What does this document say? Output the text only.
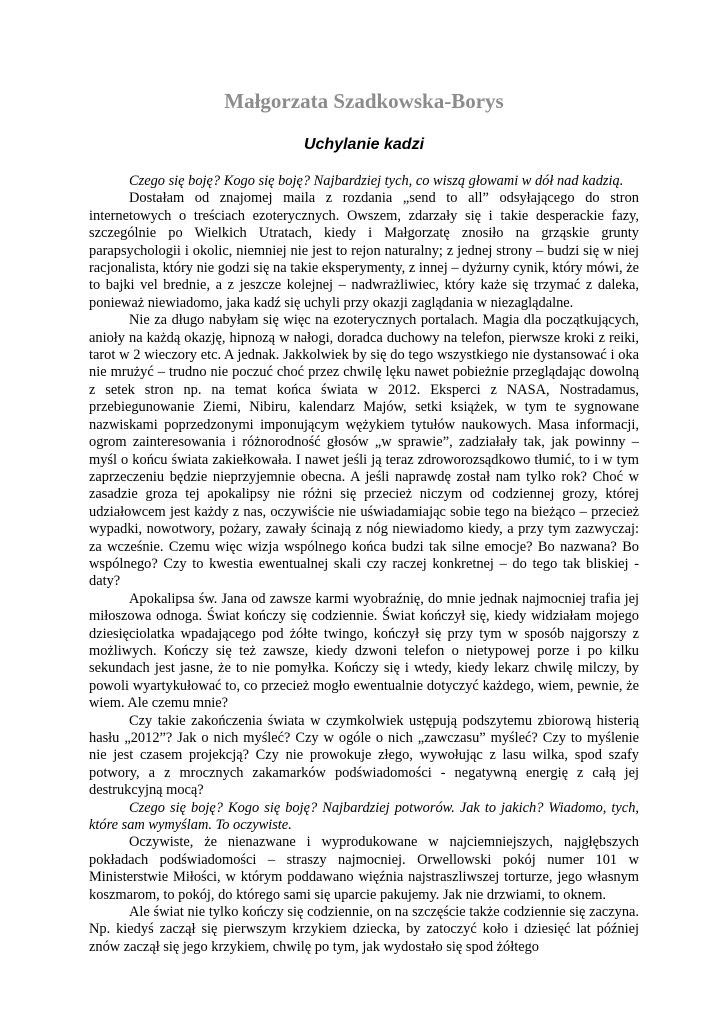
Małgorzata Szadkowska-Borys
Uchylanie kadzi

Czego się boję? Kogo się boję? Najbardziej tych, co wiszą głowami w dół nad kadzią.

Dostałam od znajomej maila z rozdania „send to all” odsyłającego do stron internetowych o treściach ezoterycznych. Owszem, zdarzały się i takie desperackie fazy, szczególnie po Wielkich Utratach, kiedy i Małgorzatę znosiło na grząskie grunty parapsychologii i okolic, niemniej nie jest to rejon naturalny; z jednej strony – budzi się w niej racjonalista, który nie godzi się na takie eksperymenty, z innej – dyżurny cynik, który mówi, że to bajki vel brednie, a z jeszcze kolejnej – nadwrażliwiec, który każe się trzymać z daleka, ponieważ niewiadomo, jaka kadź się uchyli przy okazji zaglądania w niezaglądalne.

Nie za długo nabyłam się więc na ezoterycznych portalach. Magia dla początkujących, anioły na każdą okazję, hipnozą w nałogi, doradca duchowy na telefon, pierwsze kroki z reiki, tarot w 2 wieczory etc. A jednak. Jakkolwiek by się do tego wszystkiego nie dystansować i oka nie mrużyć – trudno nie poczuć choć przez chwilę lęku nawet pobieżnie przeglądając dowolną z setek stron np. na temat końca świata w 2012. Eksperci z NASA, Nostradamus, przebiegunowanie Ziemi, Nibiru, kalendarz Majów, setki książek, w tym te sygnowane nazwiskami poprzedzonymi imponującym wężykiem tytułów naukowych. Masa informacji, ogrom zainteresowania i różnorodność głosów „w sprawie”, zadziałały tak, jak powinny – myśl o końcu świata zakiełkowała. I nawet jeśli ją teraz zdroworozsądkowo tłumić, to i w tym zaprzeczeniu będzie nieprzyjemnie obecna. A jeśli naprawdę został nam tylko rok? Choć w zasadzie groza tej apokalipsy nie różni się przecież niczym od codziennej grozy, której udziałowcem jest każdy z nas, oczywiście nie uświadamiając sobie tego na bieżąco – przecież wypadki, nowotwory, pożary, zawały ścinają z nóg niewiadomo kiedy, a przy tym zazwyczaj: za wcześnie. Czemu więc wizja wspólnego końca budzi tak silne emocje? Bo nazwana? Bo wspólnego? Czy to kwestia ewentualnej skali czy raczej konkretnej – do tego tak bliskiej - daty?

Apokalipsa św. Jana od zawsze karmi wyobraźnię, do mnie jednak najmocniej trafia jej miłoszowa odnoga. Świat kończy się codziennie. Świat kończył się, kiedy widziałam mojego dziesięciolatka wpadającego pod żółte twingo, kończył się przy tym w sposób najgorszy z możliwych. Kończy się też zawsze, kiedy dzwoni telefon o nietypowej porze i po kilku sekundach jest jasne, że to nie pomyłka. Kończy się i wtedy, kiedy lekarz chwilę milczy, by powoli wyartykułować to, co przecież mogło ewentualnie dotyczyć każdego, wiem, pewnie, że wiem. Ale czemu mnie?

Czy takie zakończenia świata w czymkolwiek ustępują podszytemu zbiorową histerią hasłu „2012”? Jak o nich myśleć? Czy w ogóle o nich „zawczasu” myśleć? Czy to myślenie nie jest czasem projekcją? Czy nie prowokuje złego, wywołując z lasu wilka, spod szafy potwory, a z mrocznych zakamarków podświadomości - negatywną energię z całą jej destrukcyjną mocą?

Czego się boję? Kogo się boję? Najbardziej potworów. Jak to jakich? Wiadomo, tych, które sam wymyślam. To oczywiste.

Oczywiste, że nienazwane i wyprodukowane w najciemniejszych, najgłębszych pokładach podświadomości – straszy najmocniej. Orwellowski pokój numer 101 w Ministerstwie Miłości, w którym poddawano więźnia najstraszliwszej torturze, jego własnym koszmarom, to pokój, do którego sami się uparcie pakujemy. Jak nie drzwiami, to oknem.

Ale świat nie tylko kończy się codziennie, on na szczęście także codziennie się zaczyna. Np. kiedyś zaczął się pierwszym krzykiem dziecka, by zatoczyć koło i dziesięć lat później znów zaczął się jego krzykiem, chwilę po tym, jak wydostało się spod żółtego
